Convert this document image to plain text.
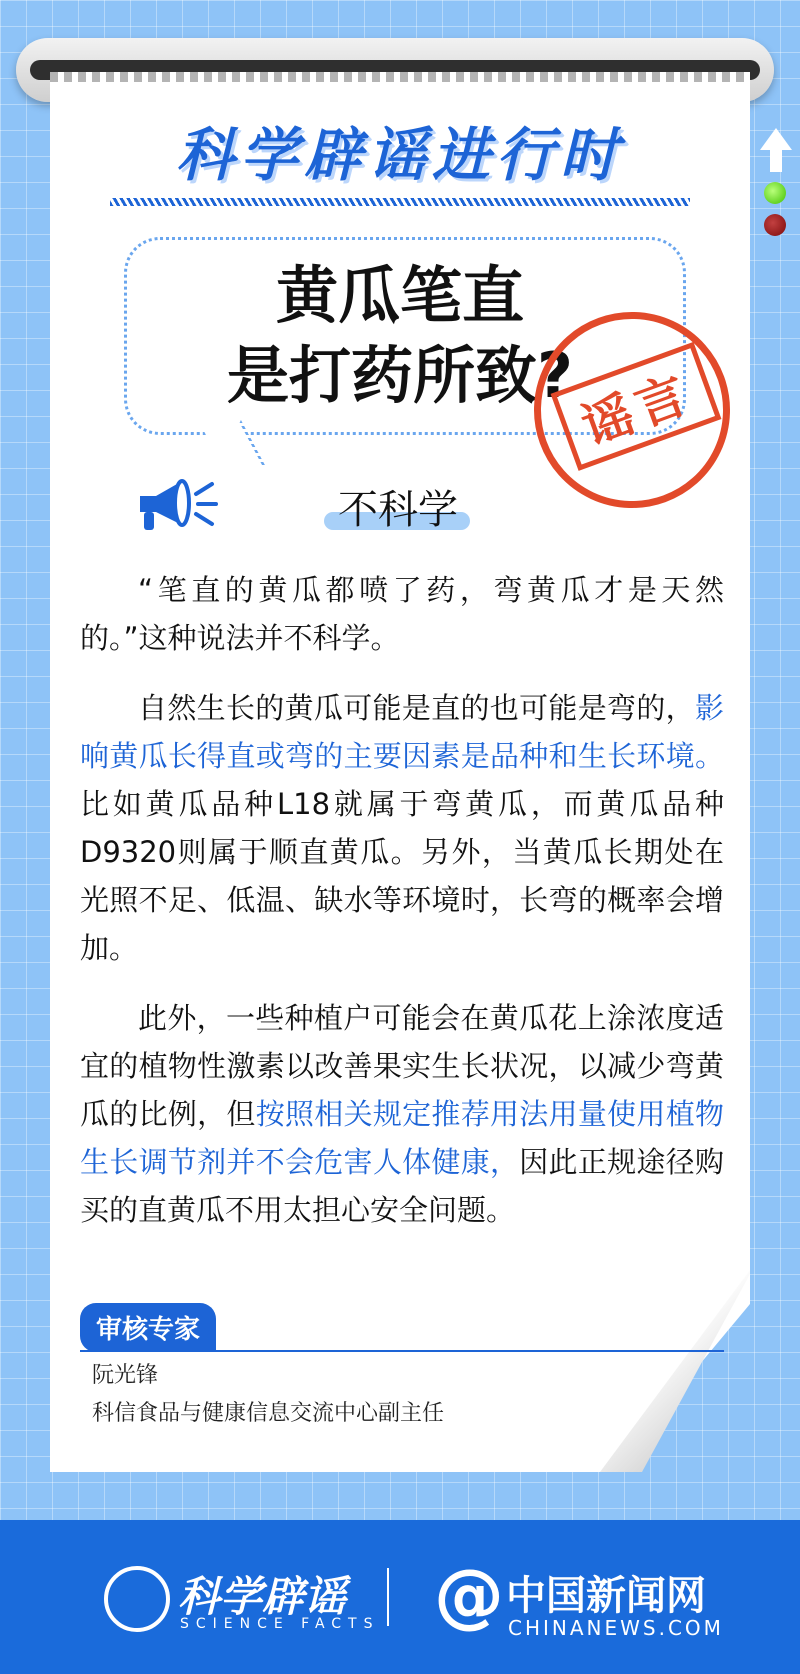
科学辟谣进行时
黄瓜笔直
是打药所致? 谣言

不科学

“笔直的黄瓜都喷了药，弯黄瓜才是天然的。”这种说法并不科学。

自然生长的黄瓜可能是直的也可能是弯的，影响黄瓜长得直或弯的主要因素是品种和生长环境。比如黄瓜品种L18就属于弯黄瓜，而黄瓜品种D9320则属于顺直黄瓜。另外，当黄瓜长期处在光照不足、低温、缺水等环境时，长弯的概率会增加。

此外，一些种植户可能会在黄瓜花上涂浓度适宜的植物性激素以改善果实生长状况，以减少弯黄瓜的比例，但按照相关规定推荐用法用量使用植物生长调节剂并不会危害人体健康，因此正规途径购买的直黄瓜不用太担心安全问题。

审核专家
阮光锋
科信食品与健康信息交流中心副主任
科学辟谣
SCIENCE FACTS @ 中国新闻网
CHINANEWS.COM
